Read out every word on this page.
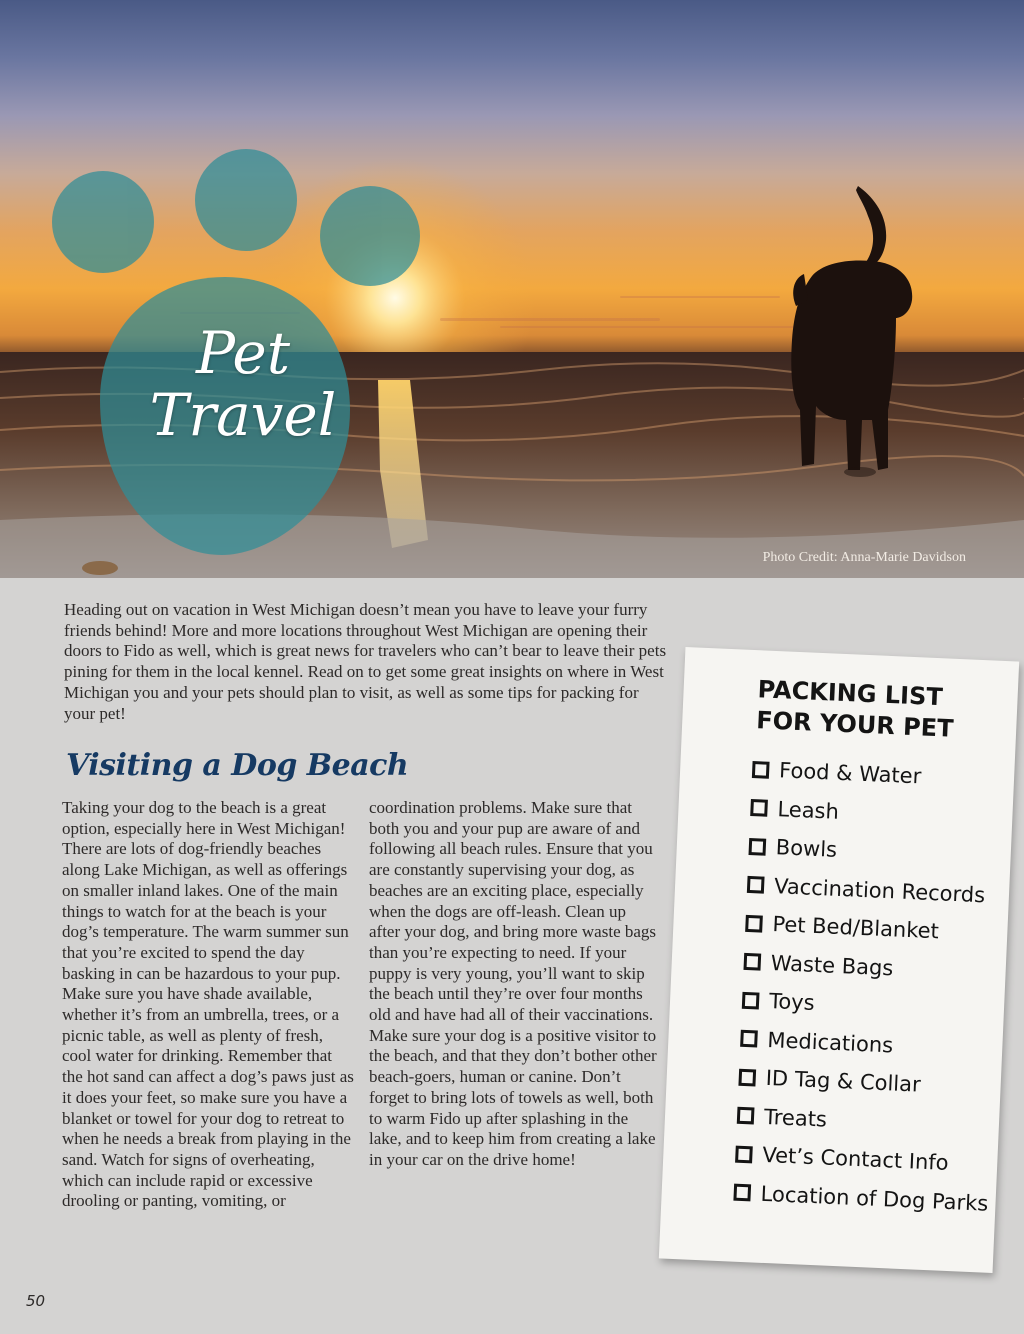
Pet
Travel
Photo Credit: Anna-Marie Davidson

Heading out on vacation in West Michigan doesn’t mean you have to leave your furry friends behind! More and more locations throughout West Michigan are opening their doors to Fido as well, which is great news for travelers who can’t bear to leave their pets pining for them in the local kennel. Read on to get some great insights on where in West Michigan you and your pets should plan to visit, as well as some tips for packing for your pet!

Visiting a Dog Beach

Taking your dog to the beach is a great option, especially here in West Michigan! There are lots of dog-friendly beaches along Lake Michigan, as well as offerings on smaller inland lakes. One of the main things to watch for at the beach is your dog’s temperature. The warm summer sun that you’re excited to spend the day basking in can be hazardous to your pup. Make sure you have shade available, whether it’s from an umbrella, trees, or a picnic table, as well as plenty of fresh, cool water for drinking. Remember that the hot sand can affect a dog’s paws just as it does your feet, so make sure you have a blanket or towel for your dog to retreat to when he needs a break from playing in the sand. Watch for signs of overheating, which can include rapid or excessive drooling or panting, vomiting, or

coordination problems. Make sure that both you and your pup are aware of and following all beach rules. Ensure that you are constantly supervising your dog, as beaches are an exciting place, especially when the dogs are off-leash. Clean up after your dog, and bring more waste bags than you’re expecting to need. If your puppy is very young, you’ll want to skip the beach until they’re over four months old and have had all of their vaccinations. Make sure your dog is a positive visitor to the beach, and that they don’t bother other beach-goers, human or canine. Don’t forget to bring lots of towels as well, both to warm Fido up after splashing in the lake, and to keep him from creating a lake in your car on the drive home!

PACKING LIST
FOR YOUR PET
Food & Water
Leash
Bowls
Vaccination Records
Pet Bed/Blanket
Waste Bags
Toys
Medications
ID Tag & Collar
Treats
Vet’s Contact Info
Location of Dog Parks
50
